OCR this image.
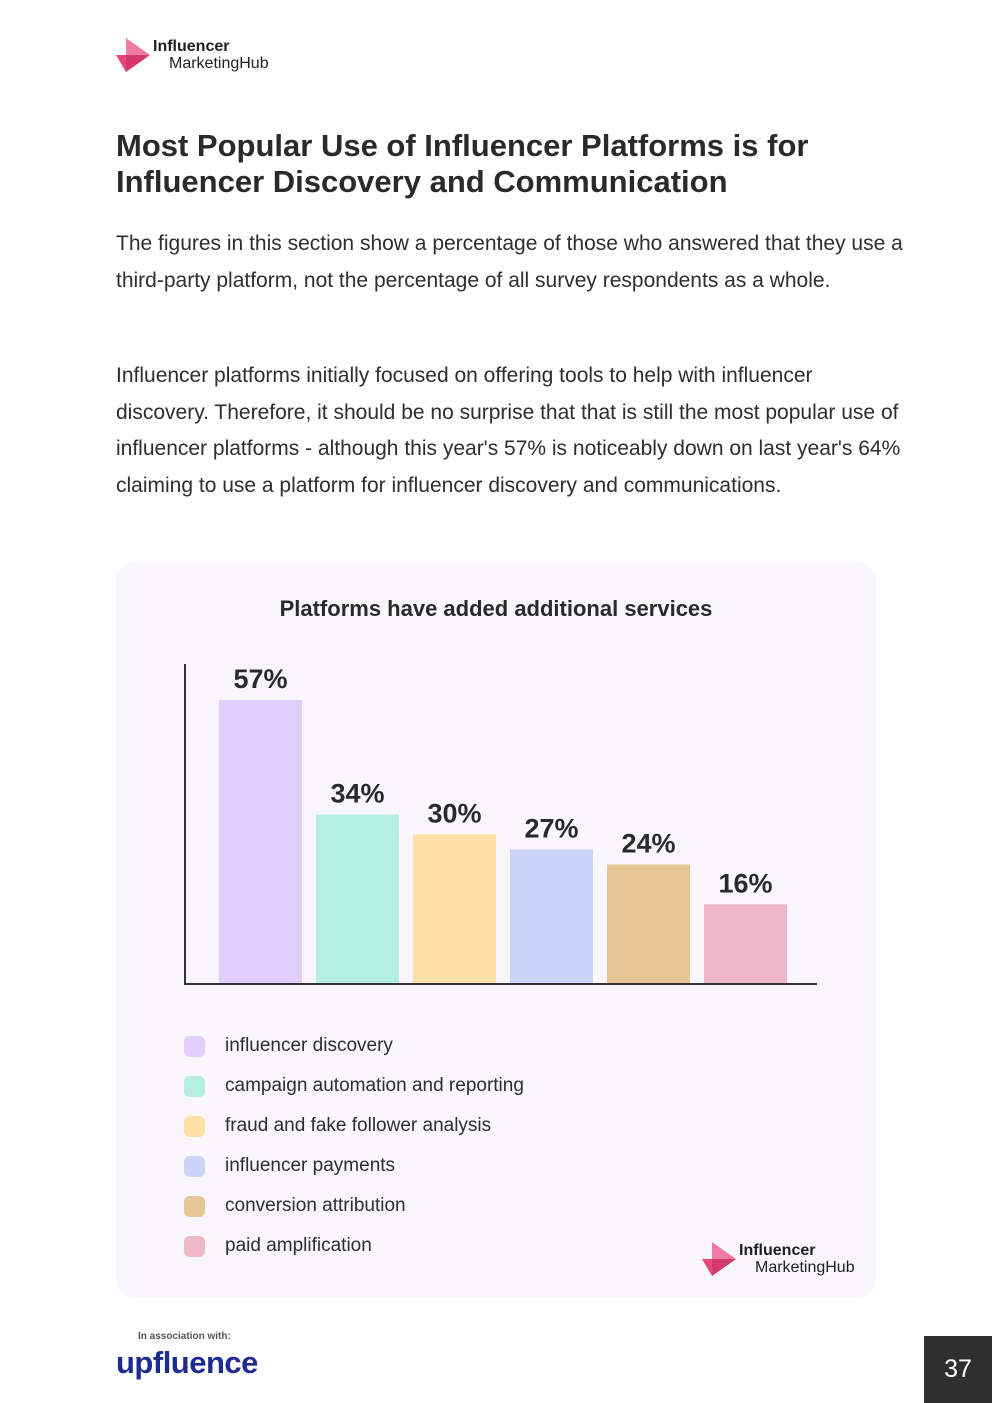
Influencer
MarketingHub
Most Popular Use of Influencer Platforms is for Influencer Discovery and Communication

The figures in this section show a percentage of those who answered that they use a third-party platform, not the percentage of all survey respondents as a whole.

Influencer platforms initially focused on offering tools to help with influencer discovery. Therefore, it should be no surprise that that is still the most popular use of influencer platforms - although this year's 57% is noticeably down on last year's 64% claiming to use a platform for influencer discovery and communications.

Platforms have added additional services
57%
34%
30% 27% 24%
16%
influencer discovery
campaign automation and reporting
fraud and fake follower analysis
influencer payments
conversion attribution
paid amplification	Influencer
MarketingHub
In association with:
upfluence	37
